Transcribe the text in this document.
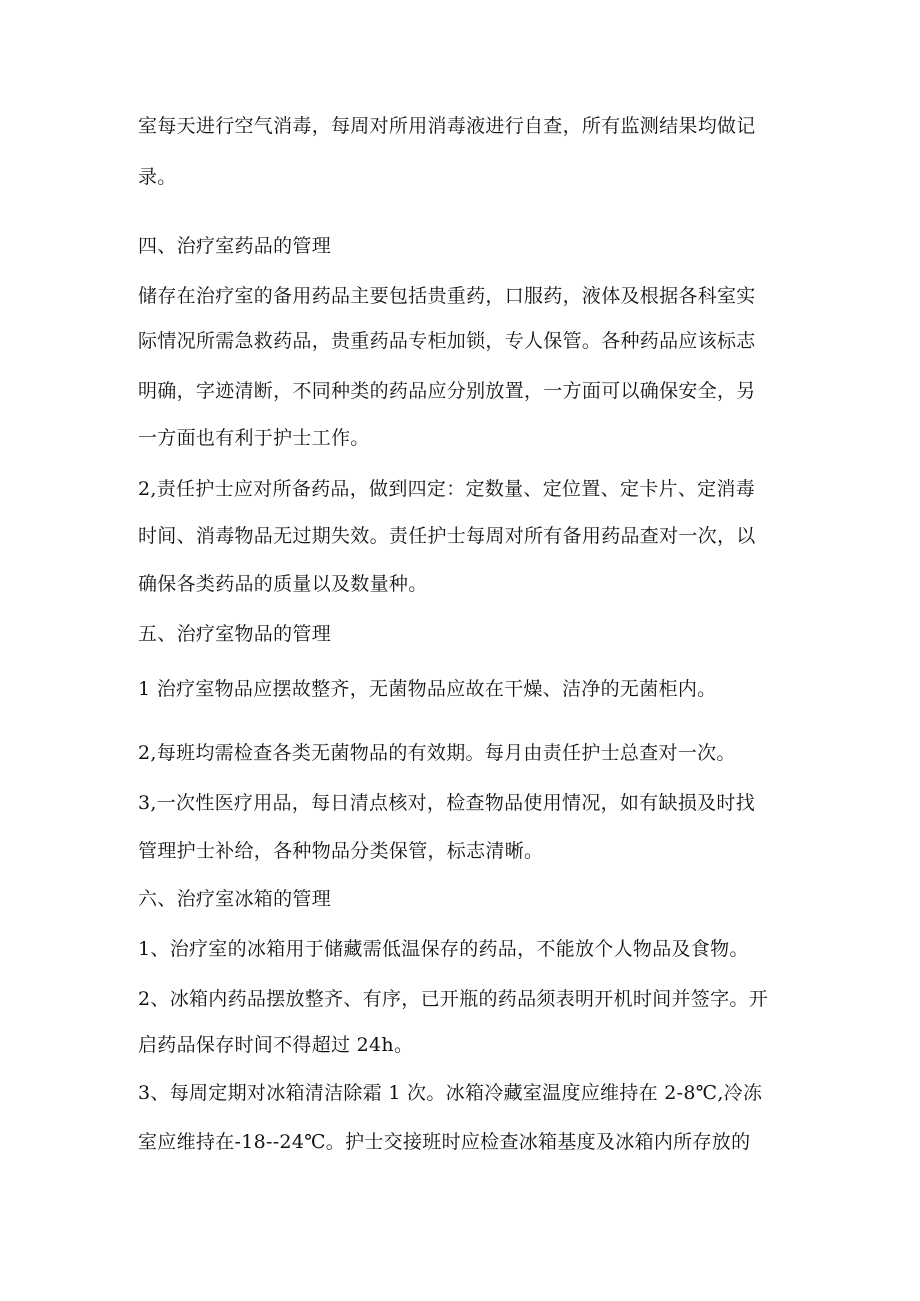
室每天进行空气消毒，每周对所用消毒液进行自查，所有监测结果均做记
录。
四、治疗室药品的管理
储存在治疗室的备用药品主要包括贵重药，口服药，液体及根据各科室实
际情况所需急救药品，贵重药品专柜加锁，专人保管。各种药品应该标志
明确，字迹清断，不同种类的药品应分别放置，一方面可以确保安全，另
一方面也有利于护士工作。
2,责任护士应对所备药品，做到四定：定数量、定位置、定卡片、定消毒
时间、消毒物品无过期失效。责任护士每周对所有备用药品查对一次，以
确保各类药品的质量以及数量种。
五、治疗室物品的管理
1 治疗室物品应摆故整齐，无菌物品应故在干燥、洁净的无菌柜内。
2,每班均需检查各类无菌物品的有效期。每月由责任护士总查对一次。
3,一次性医疗用品，每日清点核对，检查物品使用情况，如有缺损及时找
管理护士补给，各种物品分类保管，标志清晰。
六、治疗室冰箱的管理
1、治疗室的冰箱用于储藏需低温保存的药品，不能放个人物品及食物。
2、冰箱内药品摆放整齐、有序，已开瓶的药品须表明开机时间并签字。开
启药品保存时间不得超过 24h。
3、每周定期对冰箱清洁除霜 1 次。冰箱冷藏室温度应维持在 2-8℃,冷冻
室应维持在-18--24℃。护士交接班时应检查冰箱基度及冰箱内所存放的
